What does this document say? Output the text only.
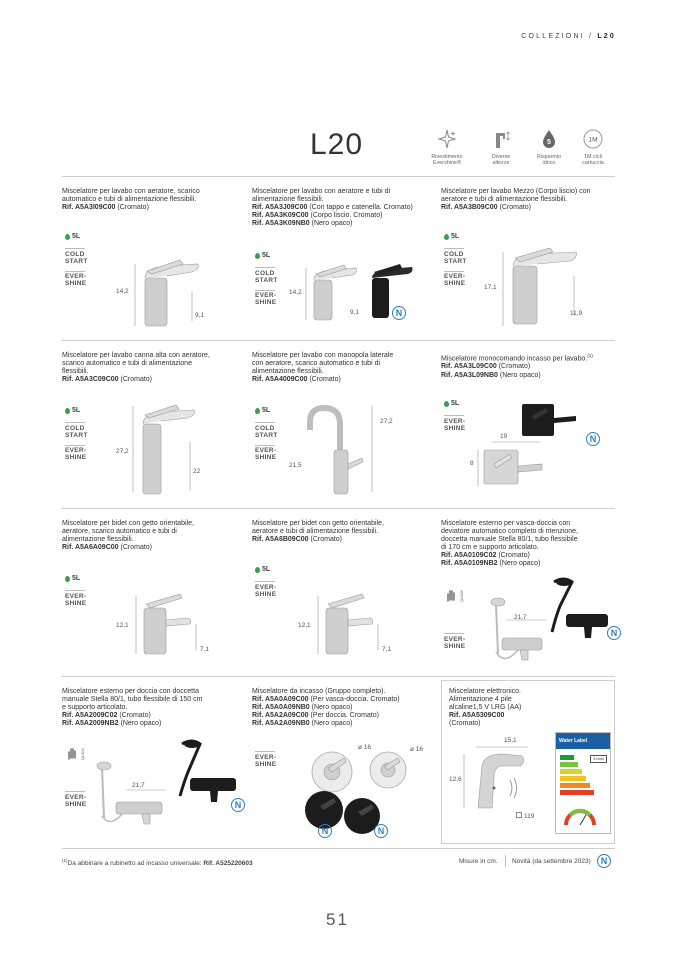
COLLEZIONI / L20
L20	Rivestimento
Evershine®
Diverse
altezze
5
Risparmio
idrico
1M
1M cicli
cartuccia

Miscelatore per lavabo con aeratore, scarico

automatico e tubi di alimentazione flessibili.

Rif. A5A3I09C00 (Cromato)

5L
COLD
START
EVER-
SHINE
14,2
9,1

Miscelatore per lavabo con aeratore e tubi di

alimentazione flessibili.

Rif. A5A3J09C00 (Con tappo e catenella. Cromato)

Rif. A5A3K09C00 (Corpo liscio. Cromato)

Rif. A5A3K09NB0 (Nero opaco)

5L
COLD
START
EVER-
SHINE
14,2
9,1	N

Miscelatore per lavabo Mezzo (Corpo liscio) con

aeratore e tubi di alimentazione flessibili.

Rif. A5A3B09C00 (Cromato)

5L
COLD
START
EVER-
SHINE
17,1
11,9

Miscelatore per lavabo canna alta con aeratore,

scarico automatico e tubi di alimentazione

flessibili.

Rif. A5A3C09C00 (Cromato)

5L
COLD
START
EVER-
SHINE
27,2
22

Miscelatore per lavabo con manopola laterale

con aeratore, scarico automatico e tubi di

alimentazione flessibili.

Rif. A5A4009C00 (Cromato)

5L
COLD
START
EVER-
SHINE
27,2
21,5

Miscelatore monocomando incasso per lavabo.$^{(1)}$

Rif. A5A3L09C00 (Cromato)

Rif. A5A3L09NB0 (Nero opaco)

5L
EVER-
SHINE
19
8
N

Miscelatore per bidet con getto orientabile,

aeratore, scarico automatico e tubi di

alimentazione flessibili.

Rif. A5A6A09C00 (Cromato)

5L
EVER-
SHINE
12,1
7,1

Miscelatore per bidet con getto orientabile,

aeratore e tubi di alimentazione flessibili.

Rif. A5A6B09C00 (Cromato)

5L
EVER-
SHINE
12,1
7,1

Miscelatore esterno per vasca-doccia con

deviatore automatico completo di ritenzione,

doccetta manuale Stella 80/1, tubo flessibile

di 170 cm e supporto articolato.

Rif. A5A0109C02 (Cromato)

Rif. A5A0109NB2 (Nero opaco)

QUICK
EVER-
SHINE
21,7
N

Miscelatore esterno per doccia con doccetta

manuale Stella 80/1, tubo flessibile di 150 cm

e supporto articolato.

Rif. A5A2009C02 (Cromato)

Rif. A5A2009NB2 (Nero opaco)

QUICK
EVER-
SHINE
21,7
N

Miscelatore da incasso (Gruppo completo).

Rif. A5A0A09C00 (Per vasca-doccia. Cromato)

Rif. A5A0A09NB0 (Nero opaco)

Rif. A5A2A09C00 (Per doccia. Cromato)

Rif. A5A2A09NB0 (Nero opaco)

EVER-
SHINE
ø 16	ø 16
N	N

Miscelatore elettronico.

Alimentazione 4 pile

alcaline1,5 V LRG (AA)

Rif. A5A5309C00

(Cromato)

15,1
12,6
119
Water Label
5 l/min
$^{(1)}$Da abbinare a rubinetto ad incasso universale: Rif. A525220603	Misure in cm. Novità (da settembre 2023)	N
51
